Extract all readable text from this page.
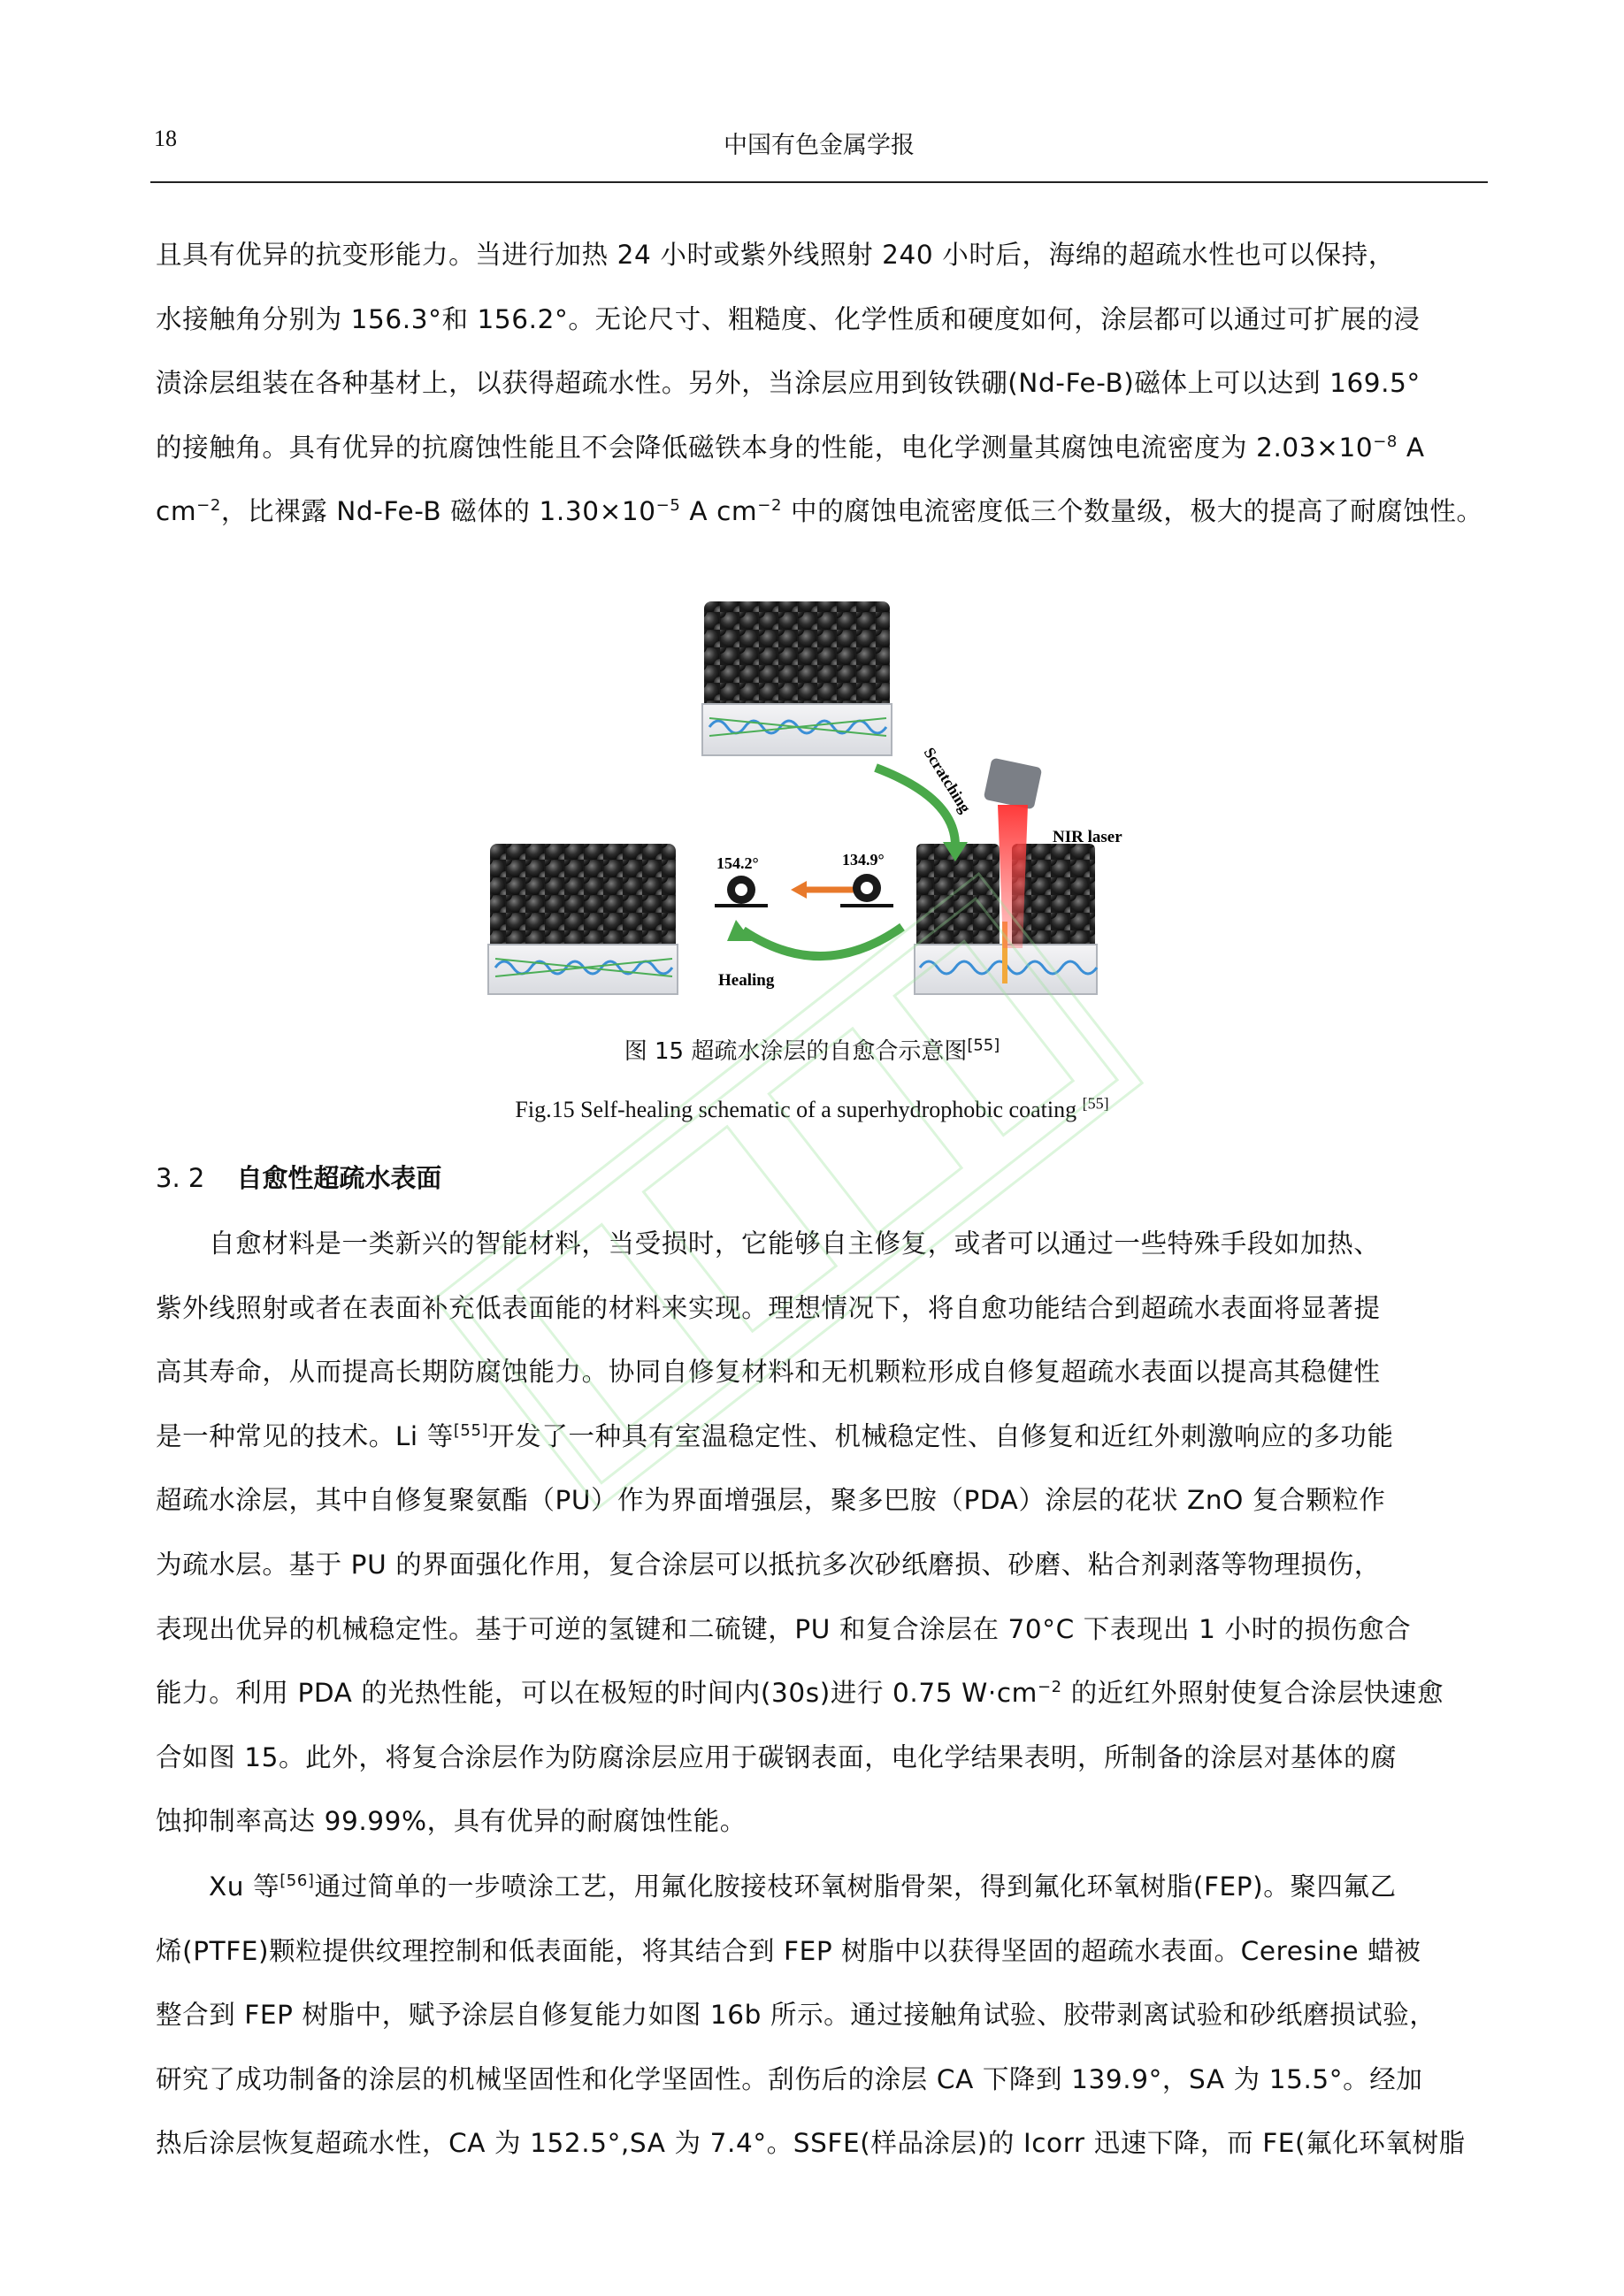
18	中国有色金属学报
且具有优异的抗变形能力。当进行加热 24 小时或紫外线照射 240 小时后，海绵的超疏水性也可以保持，
水接触角分别为 156.3°和 156.2°。无论尺寸、粗糙度、化学性质和硬度如何，涂层都可以通过可扩展的浸
渍涂层组装在各种基材上，以获得超疏水性。另外，当涂层应用到钕铁硼(Nd-Fe-B)磁体上可以达到 169.5°
的接触角。具有优异的抗腐蚀性能且不会降低磁铁本身的性能，电化学测量其腐蚀电流密度为 $2.03\times 10^{-8}$ A
$cm^{-2}$，比裸露 Nd-Fe-B 磁体的 $1.30\times 10^{-5}$ A $cm^{-2}$ 中的腐蚀电流密度低三个数量级，极大的提高了耐腐蚀性。
154.2°	134.9°
Healing
NIR laser
Scratching
图 15 超疏水涂层的自愈合示意图[55]
Fig.15 Self-healing schematic of a superhydrophobic coating [55]
3. 2 自愈性超疏水表面
自愈材料是一类新兴的智能材料，当受损时，它能够自主修复，或者可以通过一些特殊手段如加热、
紫外线照射或者在表面补充低表面能的材料来实现。理想情况下，将自愈功能结合到超疏水表面将显著提
高其寿命，从而提高长期防腐蚀能力。协同自修复材料和无机颗粒形成自修复超疏水表面以提高其稳健性
是一种常见的技术。Li 等[55]开发了一种具有室温稳定性、机械稳定性、自修复和近红外刺激响应的多功能
超疏水涂层，其中自修复聚氨酯（PU）作为界面增强层，聚多巴胺（PDA）涂层的花状 ZnO 复合颗粒作
为疏水层。基于 PU 的界面强化作用，复合涂层可以抵抗多次砂纸磨损、砂磨、粘合剂剥落等物理损伤，
表现出优异的机械稳定性。基于可逆的氢键和二硫键，PU 和复合涂层在 70°C 下表现出 1 小时的损伤愈合
能力。利用 PDA 的光热性能，可以在极短的时间内(30s)进行 0.75 $W\cdot cm^{-2}$ 的近红外照射使复合涂层快速愈
合如图 15。此外，将复合涂层作为防腐涂层应用于碳钢表面，电化学结果表明，所制备的涂层对基体的腐
蚀抑制率高达 99.99%，具有优异的耐腐蚀性能。
Xu 等[56]通过简单的一步喷涂工艺，用氟化胺接枝环氧树脂骨架，得到氟化环氧树脂(FEP)。聚四氟乙
烯(PTFE)颗粒提供纹理控制和低表面能，将其结合到 FEP 树脂中以获得坚固的超疏水表面。Ceresine 蜡被
整合到 FEP 树脂中，赋予涂层自修复能力如图 16b 所示。通过接触角试验、胶带剥离试验和砂纸磨损试验，
研究了成功制备的涂层的机械坚固性和化学坚固性。刮伤后的涂层 CA 下降到 139.9°，SA 为 15.5°。经加
热后涂层恢复超疏水性，CA 为 152.5°,SA 为 7.4°。SSFE(样品涂层)的 Icorr 迅速下降，而 FE(氟化环氧树脂
